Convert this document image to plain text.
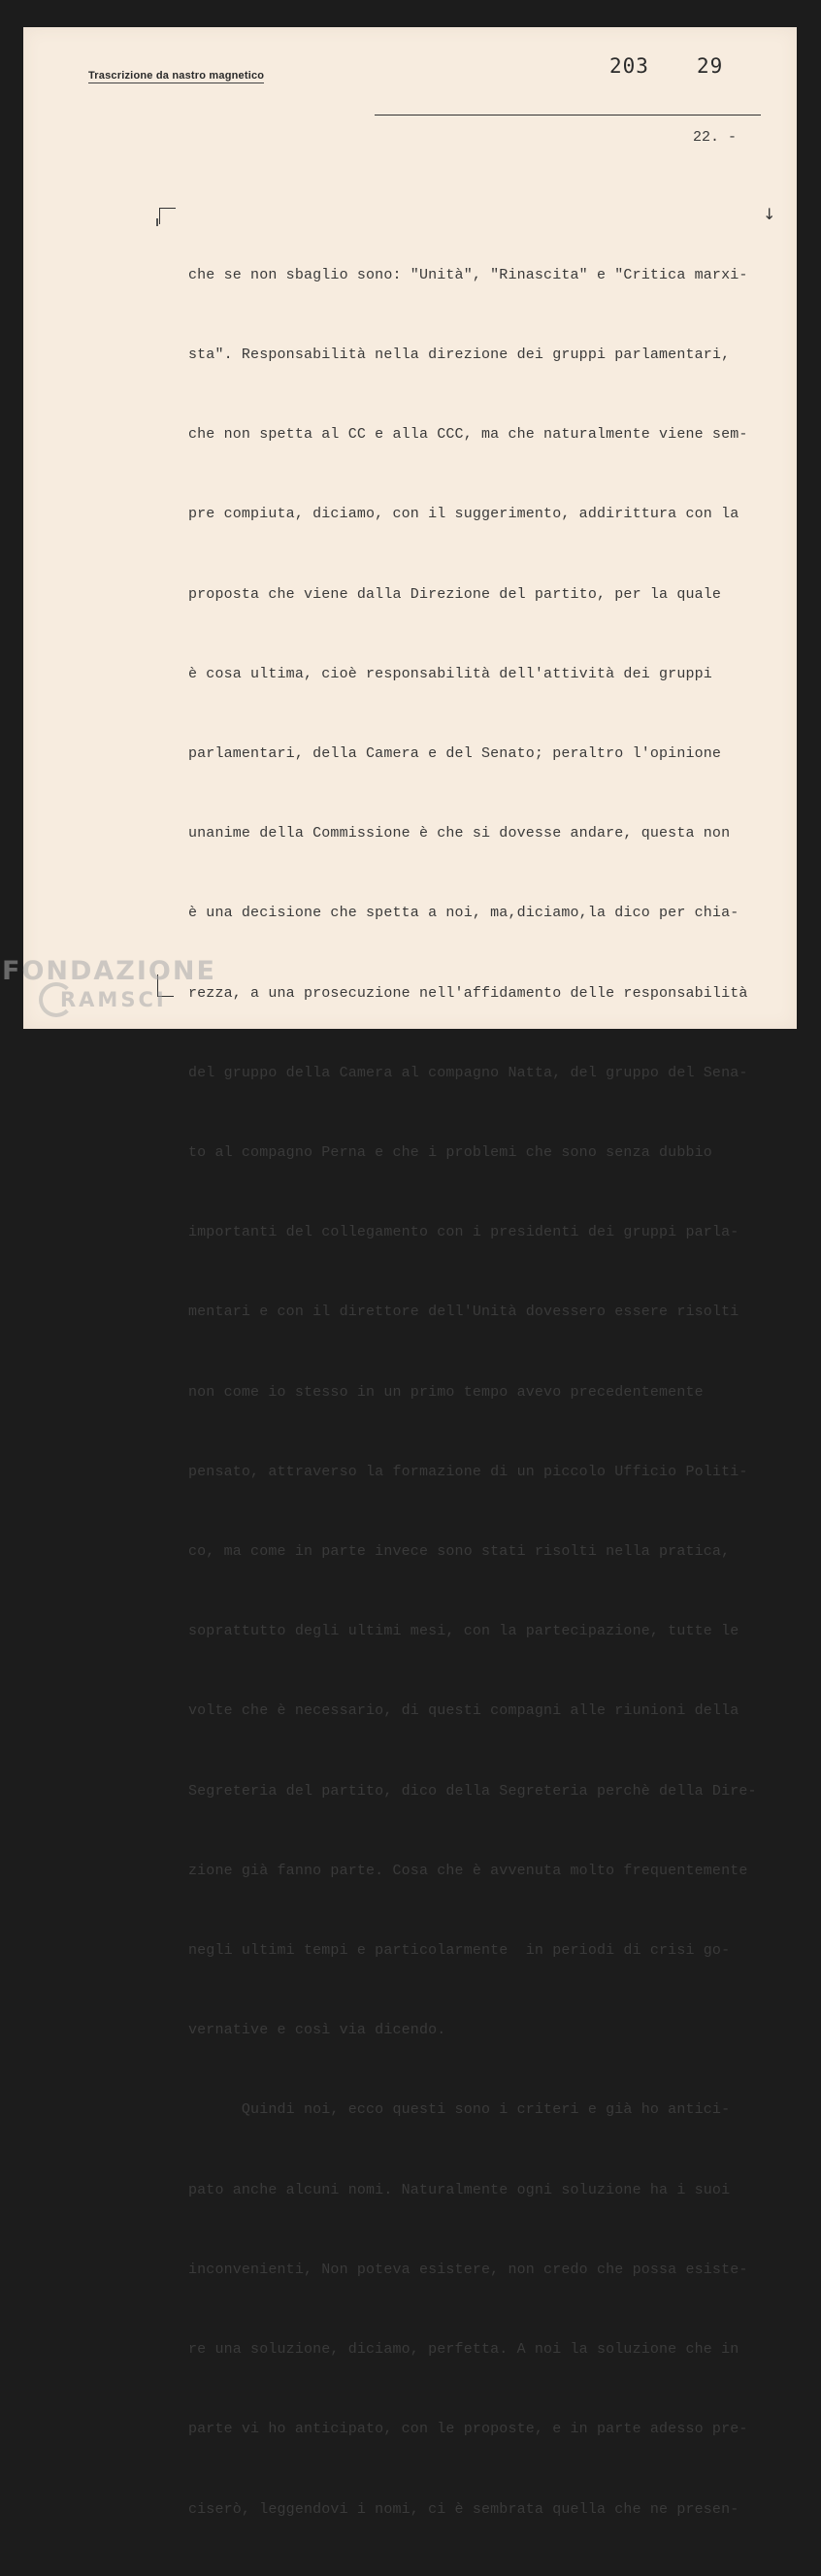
Trascrizione da nastro magnetico	203 29
22. -
↓

che se non sbaglio sono: "Unità", "Rinascita" e "Critica marxi-

sta". Responsabilità nella direzione dei gruppi parlamentari,

che non spetta al CC e alla CCC, ma che naturalmente viene sem-

pre compiuta, diciamo, con il suggerimento, addirittura con la

proposta che viene dalla Direzione del partito, per la quale

è cosa ultima, cioè responsabilità dell'attività dei gruppi

parlamentari, della Camera e del Senato; peraltro l'opinione

unanime della Commissione è che si dovesse andare, questa non

è una decisione che spetta a noi, ma,diciamo,la dico per chia-

rezza, a una prosecuzione nell'affidamento delle responsabilità

del gruppo della Camera al compagno Natta, del gruppo del Sena-

to al compagno Perna e che i problemi che sono senza dubbio

importanti del collegamento con i presidenti dei gruppi parla-

mentari e con il direttore dell'Unità dovessero essere risolti

non come io stesso in un primo tempo avevo precedentemente

pensato, attraverso la formazione di un piccolo Ufficio Politi-

co, ma come in parte invece sono stati risolti nella pratica,

soprattutto degli ultimi mesi, con la partecipazione, tutte le

volte che è necessario, di questi compagni alle riunioni della

Segreteria del partito, dico della Segreteria perchè della Dire-

zione già fanno parte. Cosa che è avvenuta molto frequentemente

negli ultimi tempi e particolarmente  in periodi di crisi go-

vernative e così via dicendo.

Quindi noi, ecco questi sono i criteri e già ho antici-

pato anche alcuni nomi. Naturalmente ogni soluzione ha i suoi

inconvenienti, Non poteva esistere, non credo che possa esiste-

re una soluzione, diciamo, perfetta. A noi la soluzione che in

parte vi ho anticipato, con le proposte, e in parte adesso pre-

ciserò, leggendovi i nomi, ci è sembrata quella che ne presen-

FONDAZIONE
RAMSCI
